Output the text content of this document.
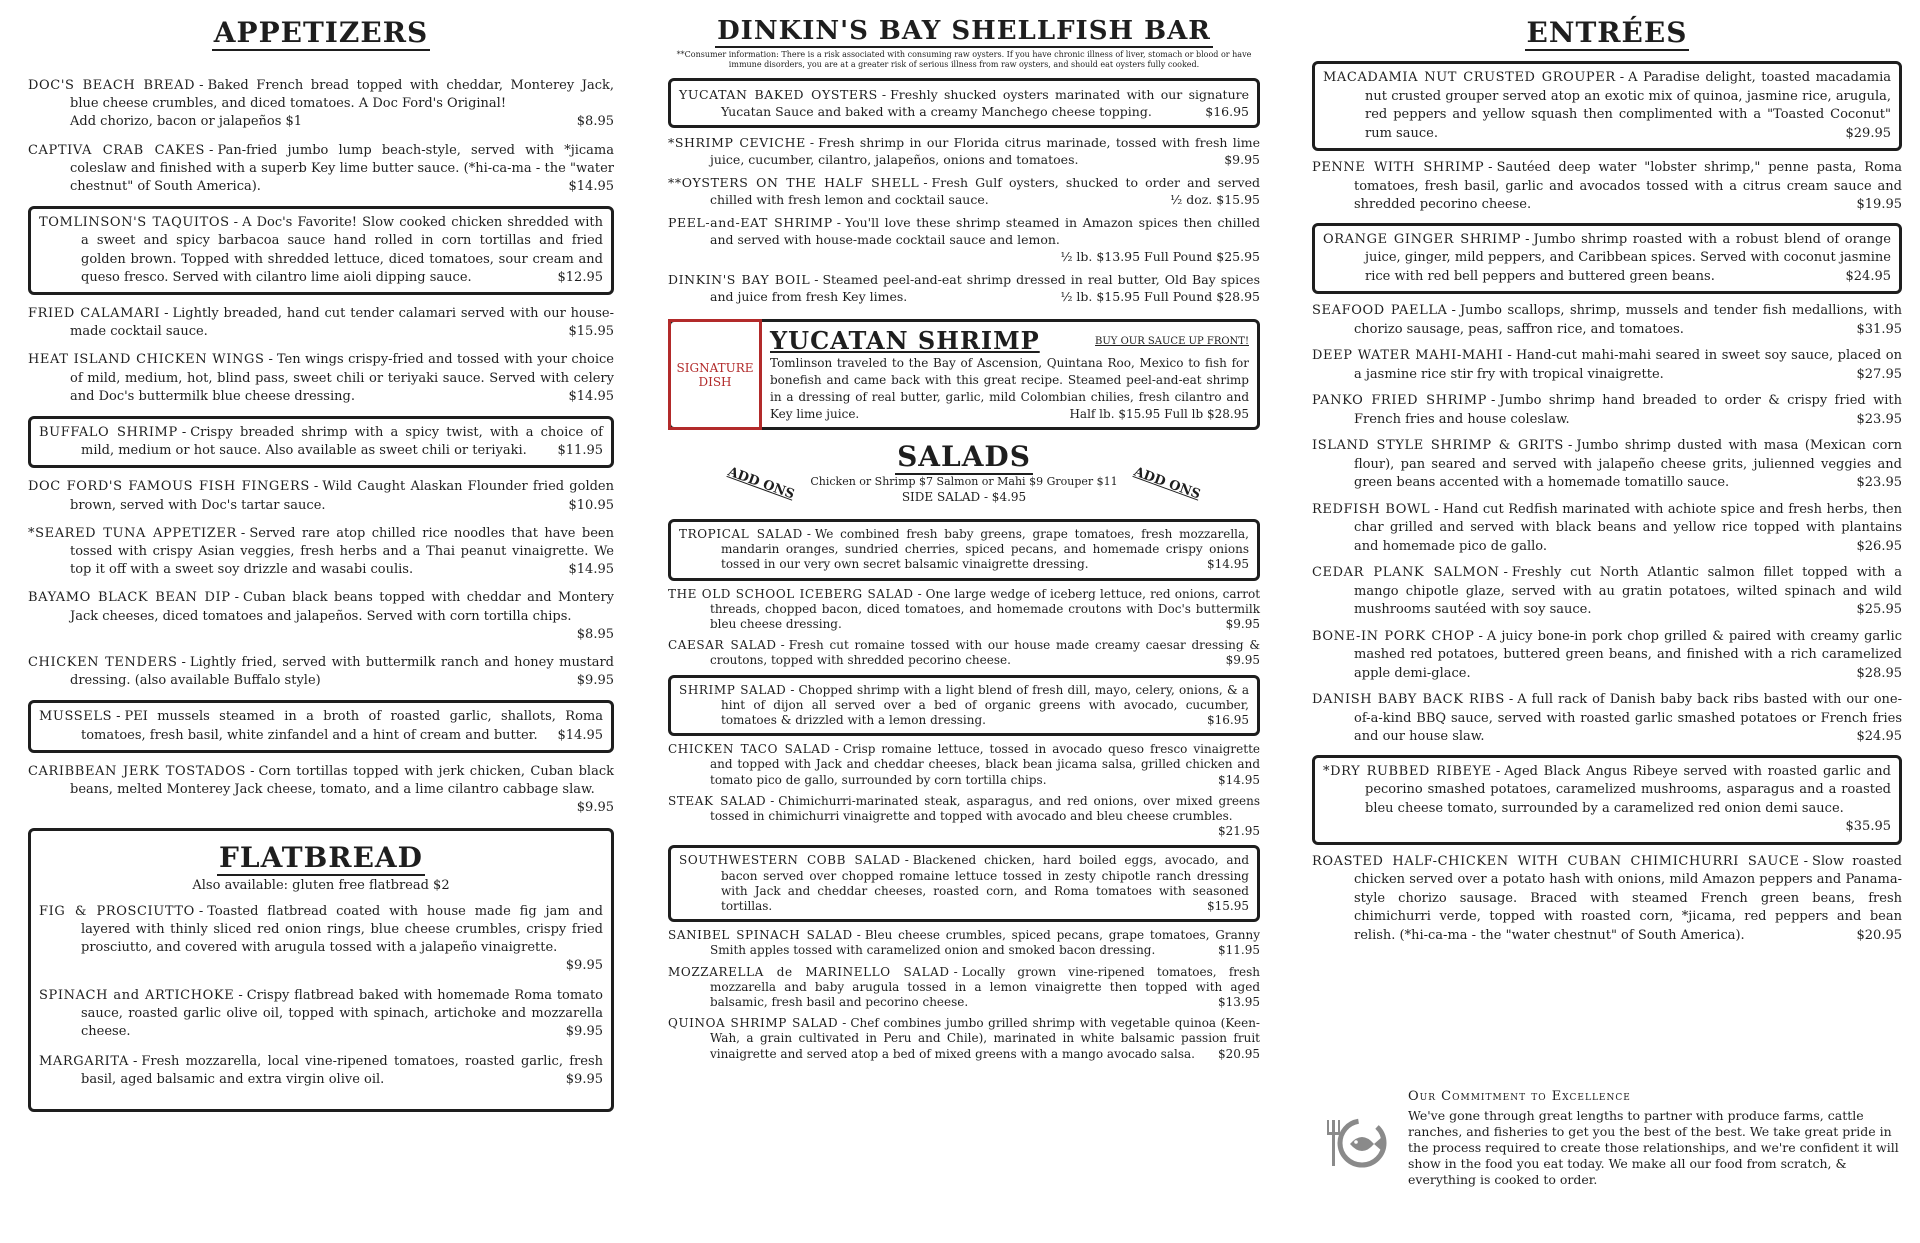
APPETIZERS

DOC'S BEACH BREAD - Baked French bread topped with cheddar, Monterey Jack, blue cheese crumbles, and diced tomatoes. A Doc Ford's Original!
Add chorizo, bacon or jalapeños $1	$8.95

CAPTIVA CRAB CAKES - Pan-fried jumbo lump beach-style, served with *jicama coleslaw and finished with a superb Key lime butter sauce. (*hi-ca-ma - the "water chestnut" of South America).	$14.95

TOMLINSON'S TAQUITOS - A Doc's Favorite! Slow cooked chicken shredded with a sweet and spicy barbacoa sauce hand rolled in corn tortillas and fried golden brown. Topped with shredded lettuce, diced tomatoes, sour cream and queso fresco. Served with cilantro lime aioli dipping sauce.	$12.95

FRIED CALAMARI - Lightly breaded, hand cut tender calamari served with our house-made cocktail sauce.	$15.95

HEAT ISLAND CHICKEN WINGS - Ten wings crispy-fried and tossed with your choice of mild, medium, hot, blind pass, sweet chili or teriyaki sauce. Served with celery and Doc's buttermilk blue cheese dressing.	$14.95

BUFFALO SHRIMP - Crispy breaded shrimp with a spicy twist, with a choice of mild, medium or hot sauce. Also available as sweet chili or teriyaki. $11.95

DOC FORD'S FAMOUS FISH FINGERS - Wild Caught Alaskan Flounder fried golden brown, served with Doc's tartar sauce.	$10.95

*SEARED TUNA APPETIZER - Served rare atop chilled rice noodles that have been tossed with crispy Asian veggies, fresh herbs and a Thai peanut vinaigrette. We top it off with a sweet soy drizzle and wasabi coulis.	$14.95

BAYAMO BLACK BEAN DIP - Cuban black beans topped with cheddar and Montery Jack cheeses, diced tomatoes and jalapeños. Served with corn tortilla chips.
$8.95

CHICKEN TENDERS - Lightly fried, served with buttermilk ranch and honey mustard dressing. (also available Buffalo style)	$9.95

MUSSELS - PEI mussels steamed in a broth of roasted garlic, shallots, Roma tomatoes, fresh basil, white zinfandel and a hint of cream and butter. $14.95

CARIBBEAN JERK TOSTADOS - Corn tortillas topped with jerk chicken, Cuban black beans, melted Monterey Jack cheese, tomato, and a lime cilantro cabbage slaw.
$9.95

FLATBREAD
Also available: gluten free flatbread $2

FIG & PROSCIUTTO - Toasted flatbread coated with house made fig jam and layered with thinly sliced red onion rings, blue cheese crumbles, crispy fried prosciutto, and covered with arugula tossed with a jalapeño vinaigrette.
$9.95

SPINACH and ARTICHOKE - Crispy flatbread baked with homemade Roma tomato sauce, roasted garlic olive oil, topped with spinach, artichoke and mozzarella cheese.	$9.95

MARGARITA - Fresh mozzarella, local vine-ripened tomatoes, roasted garlic, fresh basil, aged balsamic and extra virgin olive oil.	$9.95

DINKIN'S BAY SHELLFISH BAR

**Consumer information: There is a risk associated with consuming raw oysters. If you have chronic illness of liver, stomach or blood or have immune disorders, you are at a greater risk of serious illness from raw oysters, and should eat oysters fully cooked.

YUCATAN BAKED OYSTERS - Freshly shucked oysters marinated with our signature Yucatan Sauce and baked with a creamy Manchego cheese topping.	$16.95

*SHRIMP CEVICHE - Fresh shrimp in our Florida citrus marinade, tossed with fresh lime juice, cucumber, cilantro, jalapeños, onions and tomatoes.	$9.95

**OYSTERS ON THE HALF SHELL - Fresh Gulf oysters, shucked to order and served chilled with fresh lemon and cocktail sauce.	½ doz. $15.95

PEEL-and-EAT SHRIMP - You'll love these shrimp steamed in Amazon spices then chilled and served with house-made cocktail sauce and lemon.
½ lb. $13.95 Full Pound $25.95

DINKIN'S BAY BOIL - Steamed peel-and-eat shrimp dressed in real butter, Old Bay spices and juice from fresh Key limes.	½ lb. $15.95 Full Pound $28.95

SIGNATURE DISH
YUCATAN SHRIMP	BUY OUR SAUCE UP FRONT!
Tomlinson traveled to the Bay of Ascension, Quintana Roo, Mexico to fish for bonefish and came back with this great recipe. Steamed peel-and-eat shrimp in a dressing of real butter, garlic, mild Colombian chilies, fresh cilantro and Key lime juice.	Half lb. $15.95 Full lb $28.95
SALADS
ADD ONS	Chicken or Shrimp $7 Salmon or Mahi $9 Grouper $11
SIDE SALAD - $4.95	ADD ONS

TROPICAL SALAD - We combined fresh baby greens, grape tomatoes, fresh mozzarella, mandarin oranges, sundried cherries, spiced pecans, and homemade crispy onions tossed in our very own secret balsamic vinaigrette dressing.	$14.95

THE OLD SCHOOL ICEBERG SALAD - One large wedge of iceberg lettuce, red onions, carrot threads, chopped bacon, diced tomatoes, and homemade croutons with Doc's buttermilk bleu cheese dressing.	$9.95

CAESAR SALAD - Fresh cut romaine tossed with our house made creamy caesar dressing & croutons, topped with shredded pecorino cheese.	$9.95

SHRIMP SALAD - Chopped shrimp with a light blend of fresh dill, mayo, celery, onions, & a hint of dijon all served over a bed of organic greens with avocado, cucumber, tomatoes & drizzled with a lemon dressing.	$16.95

CHICKEN TACO SALAD - Crisp romaine lettuce, tossed in avocado queso fresco vinaigrette and topped with Jack and cheddar cheeses, black bean jicama salsa, grilled chicken and tomato pico de gallo, surrounded by corn tortilla chips.	$14.95

STEAK SALAD - Chimichurri-marinated steak, asparagus, and red onions, over mixed greens tossed in chimichurri vinaigrette and topped with avocado and bleu cheese crumbles.
$21.95

SOUTHWESTERN COBB SALAD - Blackened chicken, hard boiled eggs, avocado, and bacon served over chopped romaine lettuce tossed in zesty chipotle ranch dressing with Jack and cheddar cheeses, roasted corn, and Roma tomatoes with seasoned tortillas.	$15.95

SANIBEL SPINACH SALAD - Bleu cheese crumbles, spiced pecans, grape tomatoes, Granny Smith apples tossed with caramelized onion and smoked bacon dressing.	$11.95

MOZZARELLA de MARINELLO SALAD - Locally grown vine-ripened tomatoes, fresh mozzarella and baby arugula tossed in a lemon vinaigrette then topped with aged balsamic, fresh basil and pecorino cheese.	$13.95

QUINOA SHRIMP SALAD - Chef combines jumbo grilled shrimp with vegetable quinoa (Keen-Wah, a grain cultivated in Peru and Chile), marinated in white balsamic passion fruit vinaigrette and served atop a bed of mixed greens with a mango avocado salsa. $20.95

ENTRÉES

MACADAMIA NUT CRUSTED GROUPER - A Paradise delight, toasted macadamia nut crusted grouper served atop an exotic mix of quinoa, jasmine rice, arugula, red peppers and yellow squash then complimented with a "Toasted Coconut" rum sauce.	$29.95

PENNE WITH SHRIMP - Sautéed deep water "lobster shrimp," penne pasta, Roma tomatoes, fresh basil, garlic and avocados tossed with a citrus cream sauce and shredded pecorino cheese.	$19.95

ORANGE GINGER SHRIMP - Jumbo shrimp roasted with a robust blend of orange juice, ginger, mild peppers, and Caribbean spices. Served with coconut jasmine rice with red bell peppers and buttered green beans.	$24.95

SEAFOOD PAELLA - Jumbo scallops, shrimp, mussels and tender fish medallions, with chorizo sausage, peas, saffron rice, and tomatoes.	$31.95

DEEP WATER MAHI-MAHI - Hand-cut mahi-mahi seared in sweet soy sauce, placed on a jasmine rice stir fry with tropical vinaigrette.	$27.95

PANKO FRIED SHRIMP - Jumbo shrimp hand breaded to order & crispy fried with French fries and house coleslaw.	$23.95

ISLAND STYLE SHRIMP & GRITS - Jumbo shrimp dusted with masa (Mexican corn flour), pan seared and served with jalapeño cheese grits, julienned veggies and green beans accented with a homemade tomatillo sauce.	$23.95

REDFISH BOWL - Hand cut Redfish marinated with achiote spice and fresh herbs, then char grilled and served with black beans and yellow rice topped with plantains and homemade pico de gallo.	$26.95

CEDAR PLANK SALMON - Freshly cut North Atlantic salmon fillet topped with a mango chipotle glaze, served with au gratin potatoes, wilted spinach and wild mushrooms sautéed with soy sauce.	$25.95

BONE-IN PORK CHOP - A juicy bone-in pork chop grilled & paired with creamy garlic mashed red potatoes, buttered green beans, and finished with a rich caramelized apple demi-glace.	$28.95

DANISH BABY BACK RIBS - A full rack of Danish baby back ribs basted with our one-of-a-kind BBQ sauce, served with roasted garlic smashed potatoes or French fries and our house slaw.	$24.95

*DRY RUBBED RIBEYE - Aged Black Angus Ribeye served with roasted garlic and pecorino smashed potatoes, caramelized mushrooms, asparagus and a roasted bleu cheese tomato, surrounded by a caramelized red onion demi sauce.
$35.95

ROASTED HALF-CHICKEN WITH CUBAN CHIMICHURRI SAUCE - Slow roasted chicken served over a potato hash with onions, mild Amazon peppers and Panama-style chorizo sausage. Braced with steamed French green beans, fresh chimichurri verde, topped with roasted corn, *jicama, red peppers and bean relish. (*hi-ca-ma - the "water chestnut" of South America).	$20.95

Our Commitment to Excellence
We've gone through great lengths to partner with produce farms, cattle ranches, and fisheries to get you the best of the best. We take great pride in the process required to create those relationships, and we're confident it will show in the food you eat today. We make all our food from scratch, & everything is cooked to order.
